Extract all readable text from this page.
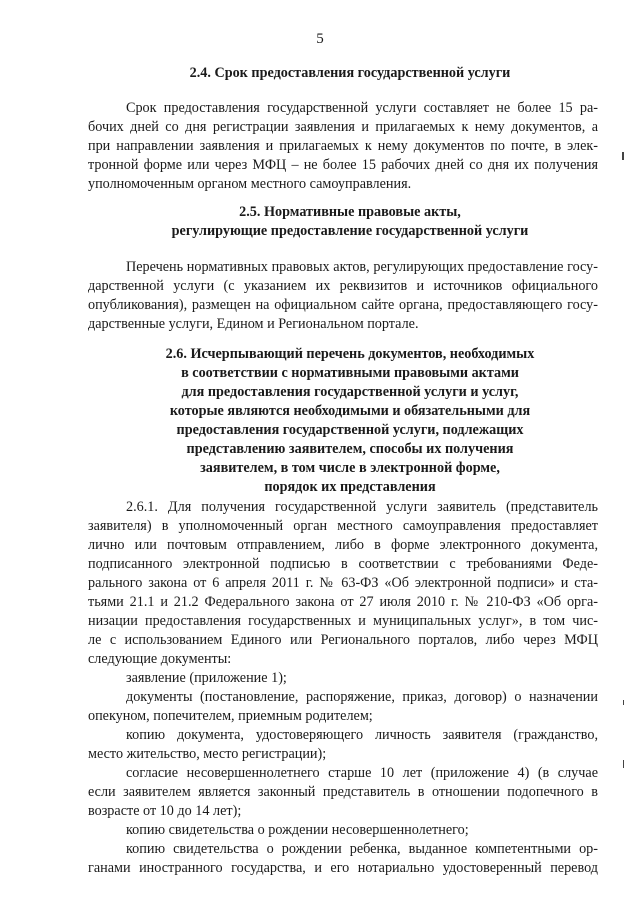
5
2.4. Срок предоставления государственной услуги
Срок предоставления государственной услуги составляет не более 15 ра-
бочих дней со дня регистрации заявления и прилагаемых к нему документов, а
при направлении заявления и прилагаемых к нему документов по почте, в элек-
тронной форме или через МФЦ – не более 15 рабочих дней со дня их получения
уполномоченным органом местного самоуправления.
2.5. Нормативные правовые акты,
регулирующие предоставление государственной услуги
Перечень нормативных правовых актов, регулирующих предоставление госу-
дарственной услуги (с указанием их реквизитов и источников официального
опубликования), размещен на официальном сайте органа, предоставляющего госу-
дарственные услуги, Едином и Региональном портале.
2.6. Исчерпывающий перечень документов, необходимых
в соответствии с нормативными правовыми актами
для предоставления государственной услуги и услуг,
которые являются необходимыми и обязательными для
предоставления государственной услуги, подлежащих
представлению заявителем, способы их получения
заявителем, в том числе в электронной форме,
порядок их представления
2.6.1. Для получения государственной услуги заявитель (представитель
заявителя) в уполномоченный орган местного самоуправления предоставляет
лично или почтовым отправлением, либо в форме электронного документа,
подписанного электронной подписью в соответствии с требованиями Феде-
рального закона от 6 апреля 2011 г. № 63-ФЗ «Об электронной подписи» и ста-
тьями 21.1 и 21.2 Федерального закона от 27 июля 2010 г. № 210-ФЗ «Об орга-
низации предоставления государственных и муниципальных услуг», в том чис-
ле с использованием Единого или Регионального порталов, либо через МФЦ
следующие документы:
заявление (приложение 1);
документы (постановление, распоряжение, приказ, договор) о назначении
опекуном, попечителем, приемным родителем;
копию документа, удостоверяющего личность заявителя (гражданство,
место жительство, место регистрации);
согласие несовершеннолетнего старше 10 лет (приложение 4) (в случае
если заявителем является законный представитель в отношении подопечного в
возрасте от 10 до 14 лет);
копию свидетельства о рождении несовершеннолетнего;
копию свидетельства о рождении ребенка, выданное компетентными ор-
ганами иностранного государства, и его нотариально удостоверенный перевод
